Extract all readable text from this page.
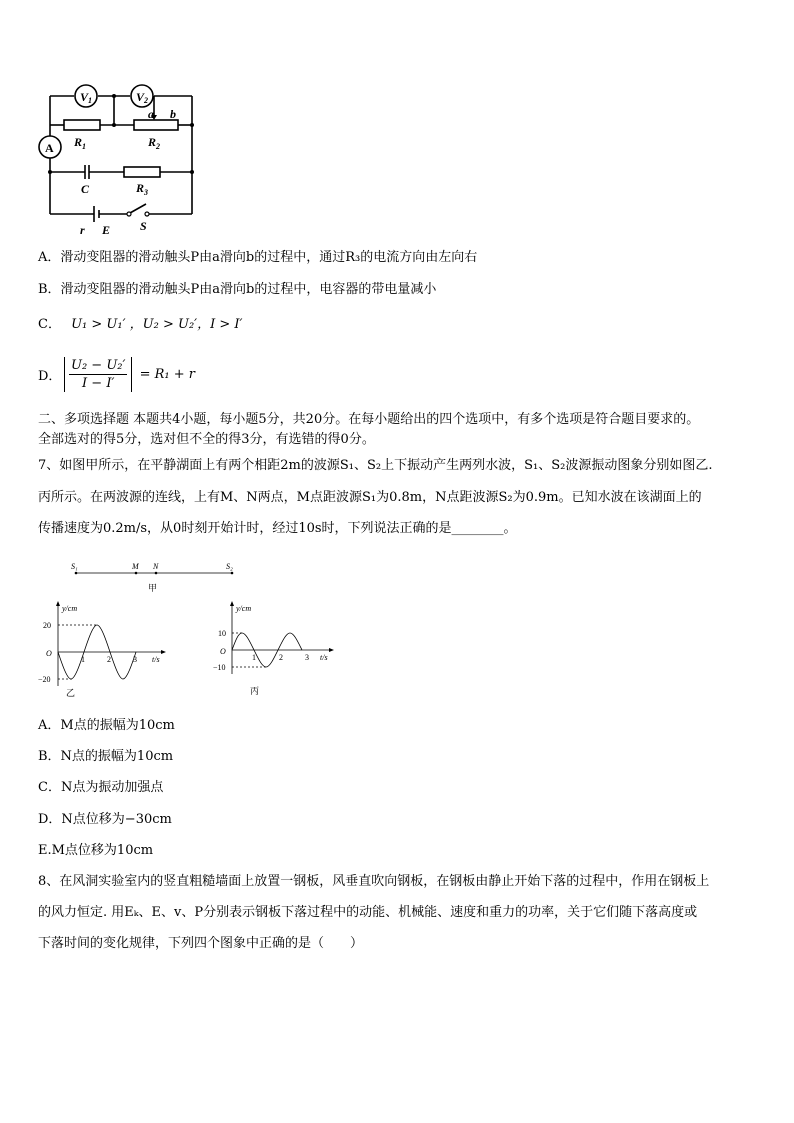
V1	V2
A $R_1$	$R_2$
$R_3$
C
a b
r E S
A．滑动变阻器的滑动触头P由a滑向b的过程中，通过R₃的电流方向由左向右
B．滑动变阻器的滑动触头P由a滑向b的过程中，电容器的带电量减小
C． U₁ > U₁′ ，U₂ > U₂′，I > I′
D． $\frac{\text{U₂ − U₂′}}{I - I'} = R_1 + r$
二、多项选择题 本题共4小题，每小题5分，共20分。在每小题给出的四个选项中，有多个选项是符合题目要求的。
全部选对的得5分，选对但不全的得3分，有选错的得0分。
7、如图甲所示，在平静湖面上有两个相距2m的波源S₁、S₂上下振动产生两列水波，S₁、S₂波源振动图象分别如图乙.
丙所示。在两波源的连线，上有M、N两点，M点距波源S₁为0.8m，N点距波源S₂为0.9m。已知水波在该湖面上的
传播速度为0.2m/s，从0时刻开始计时，经过10s时，下列说法正确的是________。
S₁	M N	S₂
甲
y/cm
t/s
O
20
−20
1	2	3
乙
y/cm
t/s
O
10
−10
1	2	3
丙
A．M点的振幅为10cm
B．N点的振幅为10cm
C．N点为振动加强点
D．N点位移为−30cm
E.M点位移为10cm
8、在风洞实验室内的竖直粗糙墙面上放置一钢板，风垂直吹向钢板，在钢板由静止开始下落的过程中，作用在钢板上
的风力恒定. 用Eₖ、E、v、P分别表示钢板下落过程中的动能、机械能、速度和重力的功率，关于它们随下落高度或
下落时间的变化规律，下列四个图象中正确的是（　　）
